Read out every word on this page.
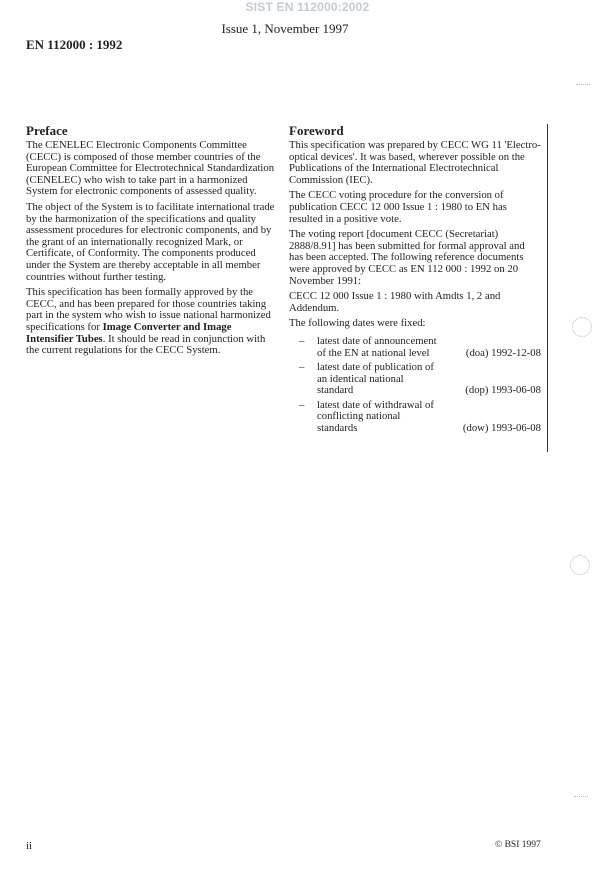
SIST EN 112000:2002
Issue 1, November 1997
EN 112000 : 1992
Preface

The CENELEC Electronic Components Committee (CECC) is composed of those member countries of the European Committee for Electrotechnical Standardization (CENELEC) who wish to take part in a harmonized System for electronic components of assessed quality.

The object of the System is to facilitate international trade by the harmonization of the specifications and quality assessment procedures for electronic components, and by the grant of an internationally recognized Mark, or Certificate, of Conformity. The components produced under the System are thereby acceptable in all member countries without further testing.

This specification has been formally approved by the CECC, and has been prepared for those countries taking part in the system who wish to issue national harmonized specifications for Image Converter and Image Intensifier Tubes. It should be read in conjunction with the current regulations for the CECC System.

Foreword

This specification was prepared by CECC WG 11 'Electro-optical devices'. It was based, wherever possible on the Publications of the International Electrotechnical Commission (IEC).

The CECC voting procedure for the conversion of publication CECC 12 000 Issue 1 : 1980 to EN has resulted in a positive vote.

The voting report [document CECC (Secretariat) 2888/8.91] has been submitted for formal approval and has been accepted. The following reference documents were approved by CECC as EN 112 000 : 1992 on 20 November 1991:

CECC 12 000 Issue 1 : 1980 with Amdts 1, 2 and Addendum.

The following dates were fixed:

–	latest date of announcement of the EN at national level	(doa) 1992-12-08
–	latest date of publication of an identical national standard	(dop) 1993-06-08
–	latest date of withdrawal of conflicting national standards	(dow) 1993-06-08
ii	© BSI 1997
